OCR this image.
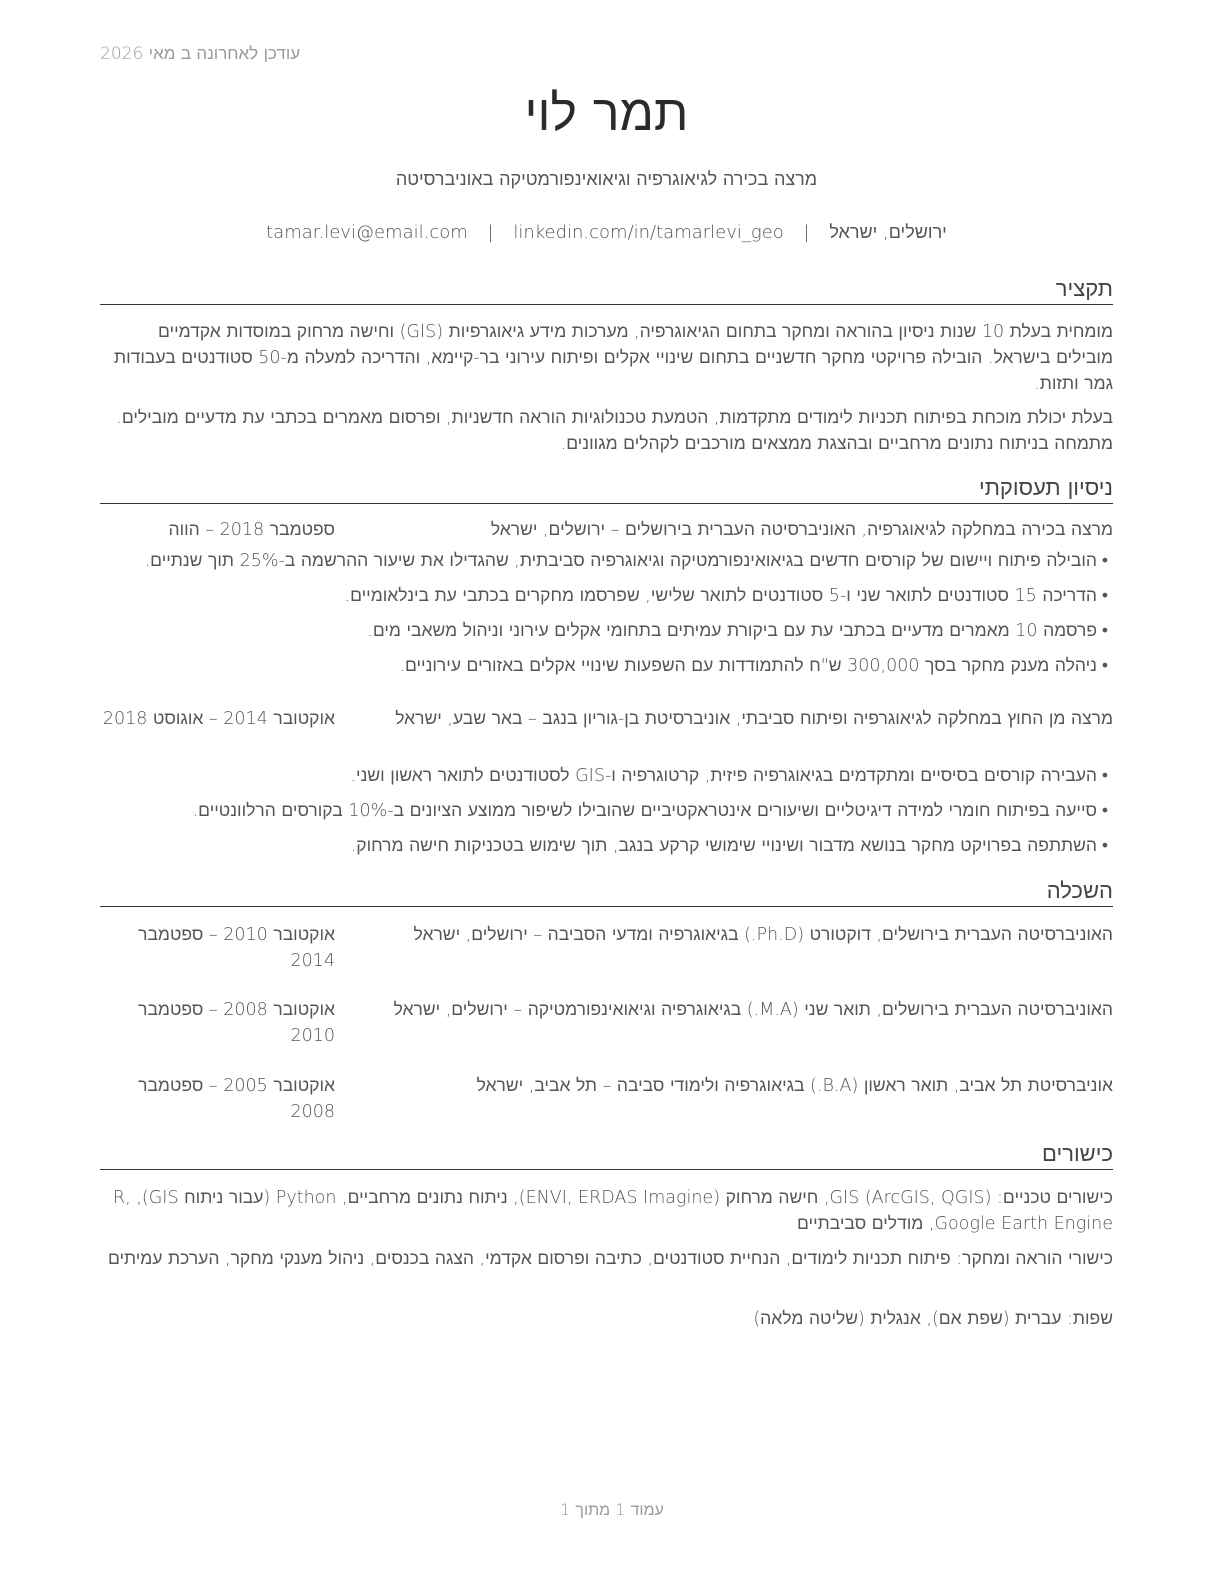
עודכן לאחרונה ב מאי 2026
תמר לוי
מרצה בכירה לגיאוגרפיה וגיאואינפורמטיקה באוניברסיטה
ירושלים, ישראל | tamar.levi@email.com | linkedin.com/in/tamarlevi_geo
תקציר
מומחית בעלת 10 שנות ניסיון בהוראה ומחקר בתחום הגיאוגרפיה, מערכות מידע גיאוגרפיות (GIS) וחישה מרחוק במוסדות אקדמיים מובילים בישראל. הובילה פרויקטי מחקר חדשניים בתחום שינויי אקלים ופיתוח עירוני בר-קיימא, והדריכה למעלה מ-50 סטודנטים בעבודות גמר ותזות.
בעלת יכולת מוכחת בפיתוח תכניות לימודים מתקדמות, הטמעת טכנולוגיות הוראה חדשניות, ופרסום מאמרים בכתבי עת מדעיים מובילים. מתמחה בניתוח נתונים מרחביים ובהצגת ממצאים מורכבים לקהלים מגוונים.
ניסיון תעסוקתי
מרצה בכירה במחלקה לגיאוגרפיה, האוניברסיטה העברית בירושלים – ירושלים, ישראל
ספטמבר 2018 – הווה
•הובילה פיתוח ויישום של קורסים חדשים בגיאואינפורמטיקה וגיאוגרפיה סביבתית, שהגדילו את שיעור ההרשמה ב-25% תוך שנתיים.
•הדריכה 15 סטודנטים לתואר שני ו-5 סטודנטים לתואר שלישי, שפרסמו מחקרים בכתבי עת בינלאומיים.
•פרסמה 10 מאמרים מדעיים בכתבי עת עם ביקורת עמיתים בתחומי אקלים עירוני וניהול משאבי מים.
•ניהלה מענק מחקר בסך 300,000 ש"ח להתמודדות עם השפעות שינויי אקלים באזורים עירוניים.
מרצה מן החוץ במחלקה לגיאוגרפיה ופיתוח סביבתי, אוניברסיטת בן-גוריון בנגב – באר שבע, ישראל
אוקטובר 2014 – אוגוסט 2018
•העבירה קורסים בסיסיים ומתקדמים בגיאוגרפיה פיזית, קרטוגרפיה ו-GIS לסטודנטים לתואר ראשון ושני.
•סייעה בפיתוח חומרי למידה דיגיטליים ושיעורים אינטראקטיביים שהובילו לשיפור ממוצע הציונים ב-10% בקורסים הרלוונטיים.
•השתתפה בפרויקט מחקר בנושא מדבור ושינויי שימושי קרקע בנגב, תוך שימוש בטכניקות חישה מרחוק.
השכלה
האוניברסיטה העברית בירושלים, דוקטורט (Ph.D.) בגיאוגרפיה ומדעי הסביבה – ירושלים, ישראל
אוקטובר 2010 – ספטמבר 2014
האוניברסיטה העברית בירושלים, תואר שני (M.A.) בגיאוגרפיה וגיאואינפורמטיקה – ירושלים, ישראל
אוקטובר 2008 – ספטמבר 2010
אוניברסיטת תל אביב, תואר ראשון (B.A.) בגיאוגרפיה ולימודי סביבה – תל אביב, ישראל
אוקטובר 2005 – ספטמבר 2008
כישורים
כישורים טכניים: GIS (ArcGIS, QGIS), חישה מרחוק (ENVI, ERDAS Imagine), ניתוח נתונים מרחביים, Python (עבור ניתוח GIS), R, Google Earth Engine, מודלים סביבתיים
כישורי הוראה ומחקר: פיתוח תכניות לימודים, הנחיית סטודנטים, כתיבה ופרסום אקדמי, הצגה בכנסים, ניהול מענקי מחקר, הערכת עמיתים
שפות: עברית (שפת אם), אנגלית (שליטה מלאה)
עמוד 1 מתוך 1
